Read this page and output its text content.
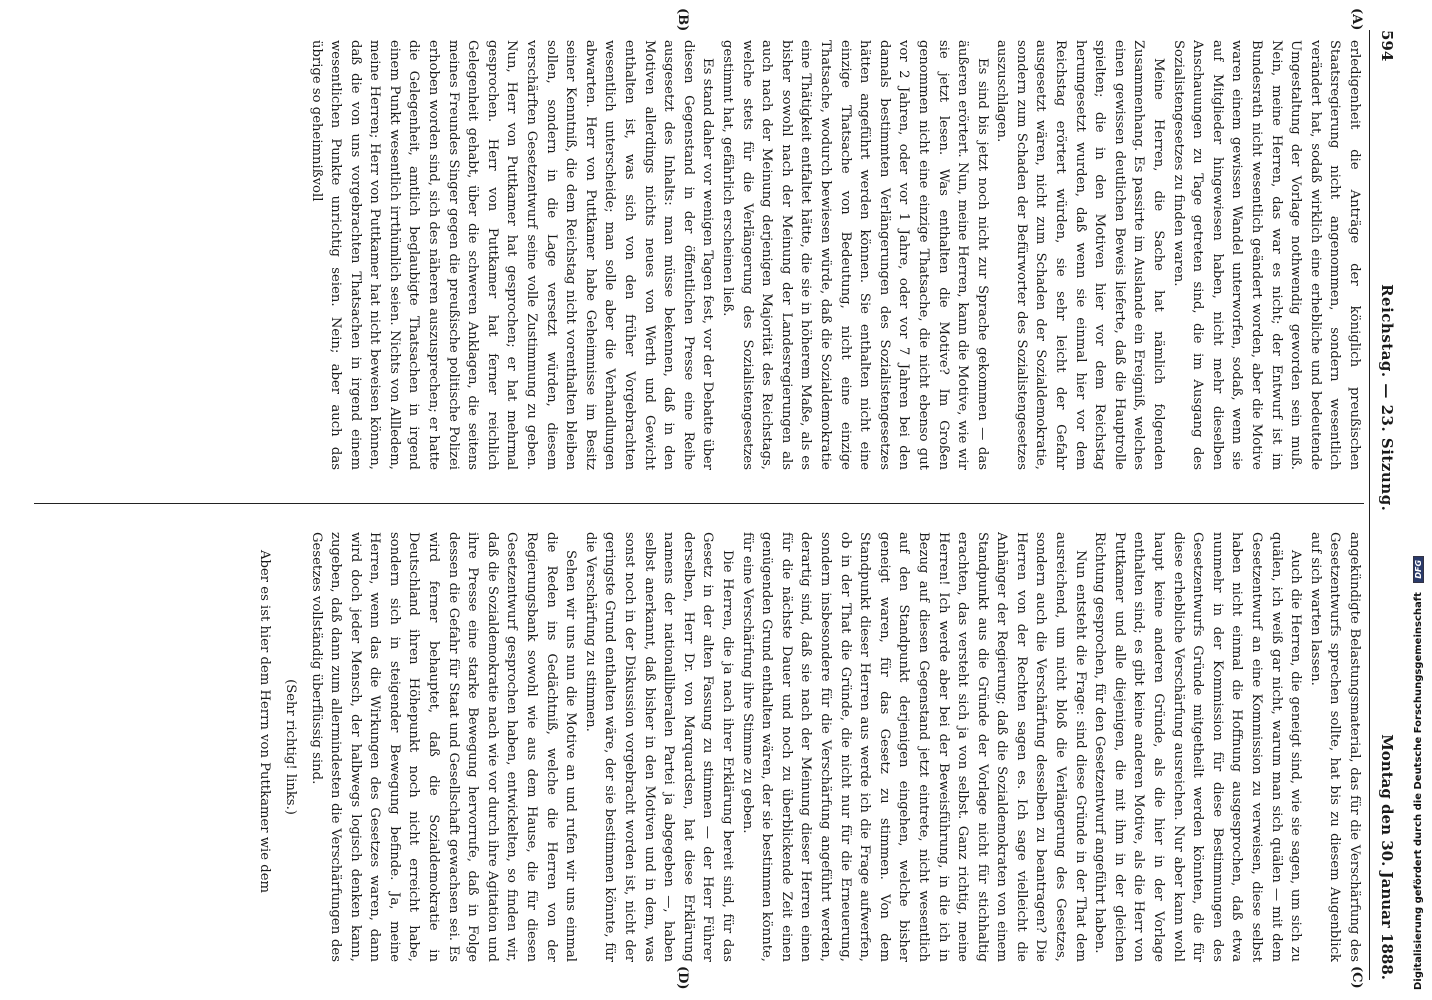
594
Reichstag. — 23. Sitzung.
Montag den 30. Januar 1888.

erledigenheit die Anträge der königlich preußischen Staatsregierung nicht angenommen, sondern wesentlich verändert hat, sodaß wirklich eine erhebliche und bedeutende Umgestaltung der Vorlage nothwendig geworden sein muß. Nein, meine Herren, das war es nicht; der Entwurf ist im Bundesrath nicht wesentlich geändert worden, aber die Motive waren einem gewissen Wandel unterworfen, sodaß, wenn sie auf Mitglieder hingewiesen haben, nicht mehr dieselben Anschauungen zu Tage getreten sind, die im Ausgang des Sozialistengesetzes zu finden waren.

Meine Herren, die Sache hat nämlich folgenden Zusammenhang. Es passirte im Auslande ein Ereigniß, welches einen gewissen deutlichen Beweis lieferte, daß die Hauptrolle spielten; die in den Motiven hier vor dem Reichstag herumgesetzt wurden, daß wenn sie einmal hier vor dem Reichstag erörtert würden, sie sehr leicht der Gefahr ausgesetzt wären, nicht zum Schaden der Sozialdemokratie, sondern zum Schaden der Befürworter des Sozialistengesetzes auszuschlagen.

Es sind bis jetzt noch nicht zur Sprache gekommen — das äußeren erörtert. Nun, meine Herren, kann die Motive, wie wir sie jetzt lesen. Was enthalten die Motive? Im Großen genommen nicht eine einzige Thatsache, die nicht ebenso gut vor 2 Jahren, oder vor 1 Jahre, oder vor 7 Jahren bei den damals bestimmten Verlängerungen des Sozialistengesetzes hätten angeführt werden können. Sie enthalten nicht eine einzige Thatsache von Bedeutung, nicht eine einzige Thatsache, wodurch bewiesen würde, daß die Sozialdemokratie eine Thätigkeit entfaltet hätte, die sie in höherem Maße, als es bisher sowohl nach der Meinung der Landesregierungen als auch nach der Meinung derjenigen Majorität des Reichstags, welche stets für die Verlängerung des Sozialistengesetzes gestimmt hat, gefährlich erscheinen ließ.

Es stand daher vor wenigen Tagen fest, vor der Debatte über diesen Gegenstand in der öffentlichen Presse eine Reihe ausgesetzt des Inhalts: man müsse bekennen, daß in den Motiven allerdings nichts neues von Werth und Gewicht enthalten ist, was sich von den früher Vorgebrachten wesentlich unterscheide; man solle aber die Verhandlungen abwarten. Herr von Puttkamer habe Geheimnisse im Besitz seiner Kenntniß, die dem Reichstag nicht vorenthalten bleiben sollen, sondern in die Lage versetzt würden, diesem verschärften Gesetzentwurf seine volle Zustimmung zu geben. Nun, Herr von Puttkamer hat gesprochen; er hat mehrmal gesprochen. Herr von Puttkamer hat ferner reichlich Gelegenheit gehabt, über die schweren Anklagen, die seitens meines Freundes Singer gegen die preußische politische Polizei erhoben worden sind, sich des näheren auszusprechen; er hatte die Gelegenheit, amtlich beglaubigte Thatsachen in irgend einem Punkt wesentlich irrthümlich seien. Nichts von Allledem, meine Herren; Herr von Puttkamer hat nicht beweisen können, daß die von uns vorgebrachten Thatsachen in irgend einem wesentlichen Punkte unrichtig seien. Nein; aber auch das übrige so geheimnißvoll

(A)
(B)

angekündigte Belastungsmaterial, das für die Verschärfung des Gesetzentwurfs sprechen sollte, hat bis zu diesem Augenblick auf sich warten lassen.

Auch die Herren, die geneigt sind, wie sie sagen, um sich zu quälen, ich weiß gar nicht, warum man sich quälen — mit dem Gesetzentwurf an eine Kommission zu verweisen, diese selbst haben nicht einmal die Hoffnung ausgesprochen, daß etwa nunmehr in der Kommission für diese Bestimmungen des Gesetzentwurfs Gründe mitgetheilt werden könnten, die für diese erhebliche Verschärfung ausreichen. Nur aber kann wohl haupt keine anderen Gründe, als die hier in der Vorlage enthalten sind; es gibt keine anderen Motive, als die Herr von Puttkamer und alle diejenigen, die mit ihm in der gleichen Richtung gesprochen, für den Gesetzentwurf angeführt haben.

Nun entsteht die Frage: sind diese Gründe in der That dem ausreichend, um nicht bloß die Verlängerung des Gesetzes, sondern auch die Verschärfung desselben zu beantragen? Die Herren von der Rechten sagen es. Ich sage vielleicht die Anhänger der Regierung; daß die Sozialdemokraten von einem Standpunkt aus die Gründe der Vorlage nicht für stichhaltig erachten, das versteht sich ja von selbst. Ganz richtig, meine Herren! Ich werde aber bei der Beweisführung, in die ich in Bezug auf diesen Gegenstand jetzt eintrete, nicht wesentlich auf den Standpunkt derjenigen eingehen, welche bisher geneigt waren, für das Gesetz zu stimmen. Von dem Standpunkt dieser Herren aus werde ich die Frage aufwerfen, ob in der That die Gründe, die nicht nur für die Erneuerung, sondern insbesondere für die Verschärfung angeführt werden, derartig sind, daß sie nach der Meinung dieser Herren einen für die nächste Dauer und noch zu überblickende Zeit einen genügenden Grund enthalten wären, der sie bestimmen könnte, für eine Verschärfung ihre Stimme zu geben.

Die Herren, die ja nach ihrer Erklärung bereit sind, für das Gesetz in der alten Fassung zu stimmen — der Herr Führer derselben, Herr Dr. von Marquardsen, hat diese Erklärung namens der nationalliberalen Partei ja abgegeben —, haben selbst anerkannt, daß bisher in den Motiven und in dem, was sonst noch in der Diskussion vorgebracht worden ist, nicht der geringste Grund enthalten wäre, der sie bestimmen könnte, für die Verschärfung zu stimmen.

Sehen wir uns nun die Motive an und rufen wir uns einmal die Reden ins Gedächtniß, welche die Herren von der Regierungsbank sowohl wie aus dem Hause, die für diesen Gesetzentwurf gesprochen haben, entwickelten, so finden wir, daß die Sozialdemokratie nach wie vor durch ihre Agitation und ihre Presse eine starke Bewegung hervorrufe, daß in Folge dessen die Gefahr für Staat und Gesellschaft gewachsen sei. Es wird ferner behauptet, daß die Sozialdemokratie in Deutschland ihren Höhepunkt noch nicht erreicht habe, sondern sich in steigender Bewegung befinde. Ja, meine Herren, wenn das die Wirkungen des Gesetzes waren, dann wird doch jeder Mensch, der halbwegs logisch denken kann, zugeben, daß dann zum allermindesten die Verschärfungen des Gesetzes vollständig überflüssig sind.

(Sehr richtig! links.)

Aber es ist hier dem Herrn von Puttkamer wie dem

(C)
(D)	Digitalisierung gefördert durch die Deutsche Forschungsgemeinschaft DFG
